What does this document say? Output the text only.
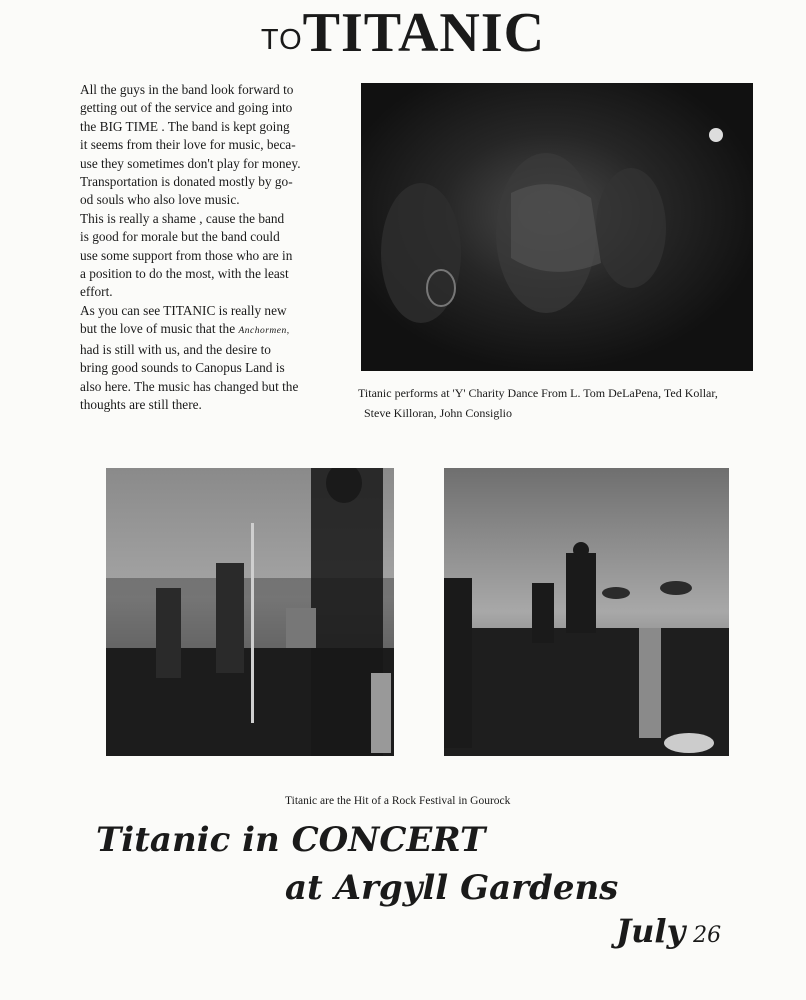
TOTITANIC
All the guys in the band look forward to
getting out of the service and going into
the BIG TIME . The band is kept going
it seems from their love for music, beca-
use they sometimes don't play for money.
Transportation is donated mostly by go-
od souls who also love music.
This is really a shame , cause the band
is good for morale but the band could
use some support from those who are in
a position to do the most, with the least
effort.
As you can see TITANIC is really new
but the love of music that the Anchormen,
had is still with us, and the desire to
bring good sounds to Canopus Land is
also here. The music has changed but the
thoughts are still there.
Titanic performs at 'Y' Charity Dance From L. Tom DeLaPena, Ted Kollar,
Steve Killoran, John Consiglio
Titanic are the Hit of a Rock Festival in Gourock
Titanic in CONCERT
at Argyll Gardens
July 26
